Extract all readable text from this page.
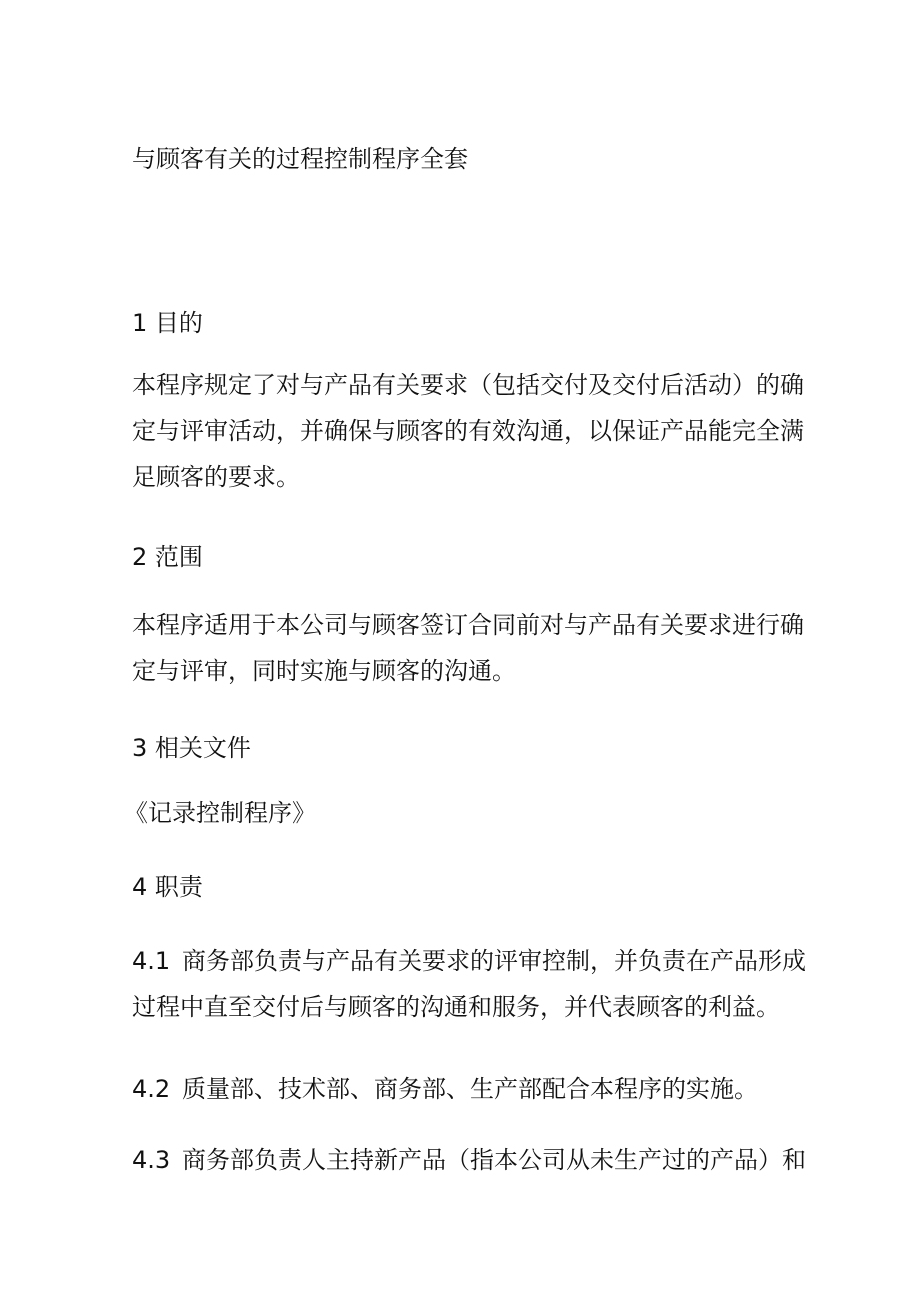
与顾客有关的过程控制程序全套
1 目的
本程序规定了对与产品有关要求（包括交付及交付后活动）的确
定与评审活动，并确保与顾客的有效沟通，以保证产品能完全满
足顾客的要求。
2 范围
本程序适用于本公司与顾客签订合同前对与产品有关要求进行确
定与评审，同时实施与顾客的沟通。
3 相关文件
《记录控制程序》
4 职责
4.1 商务部负责与产品有关要求的评审控制，并负责在产品形成
过程中直至交付后与顾客的沟通和服务，并代表顾客的利益。
4.2 质量部、技术部、商务部、生产部配合本程序的实施。
4.3 商务部负责人主持新产品（指本公司从未生产过的产品）和
